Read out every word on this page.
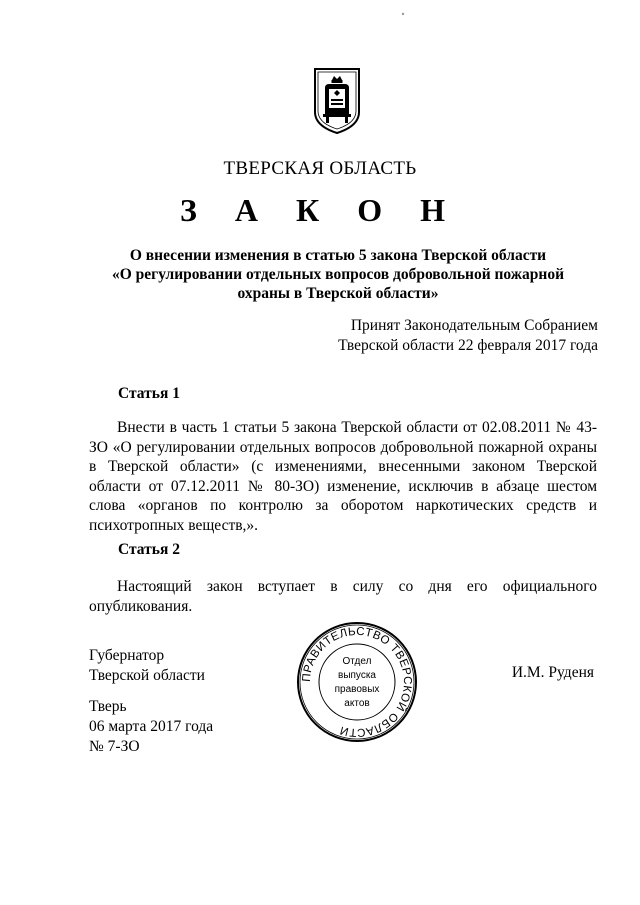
ТВЕРСКАЯ ОБЛАСТЬ
З А К О Н
О внесении изменения в статью 5 закона Тверской области
«О регулировании отдельных вопросов добровольной пожарной
охраны в Тверской области»
Принят Законодательным Собранием
Тверской области 22 февраля 2017 года
Статья 1
Внести в часть 1 статьи 5 закона Тверской области от 02.08.2011 № 43-ЗО «О регулировании отдельных вопросов добровольной пожарной охраны в Тверской области» (с изменениями, внесенными законом Тверской области от 07.12.2011 № 80-ЗО) изменение, исключив в абзаце шестом слова «органов по контролю за оборотом наркотических средств и психотропных веществ,».
Статья 2
Настоящий закон вступает в силу со дня его официального опубликования.
Губернатор
Тверской области	И.М. Руденя
Тверь
06 марта 2017 года
№ 7-ЗО
ПРАВИТЕЛЬСТВО ТВЕРСКОЙ ОБЛАСТИ
Отдел
выпуска
правовых
актов
